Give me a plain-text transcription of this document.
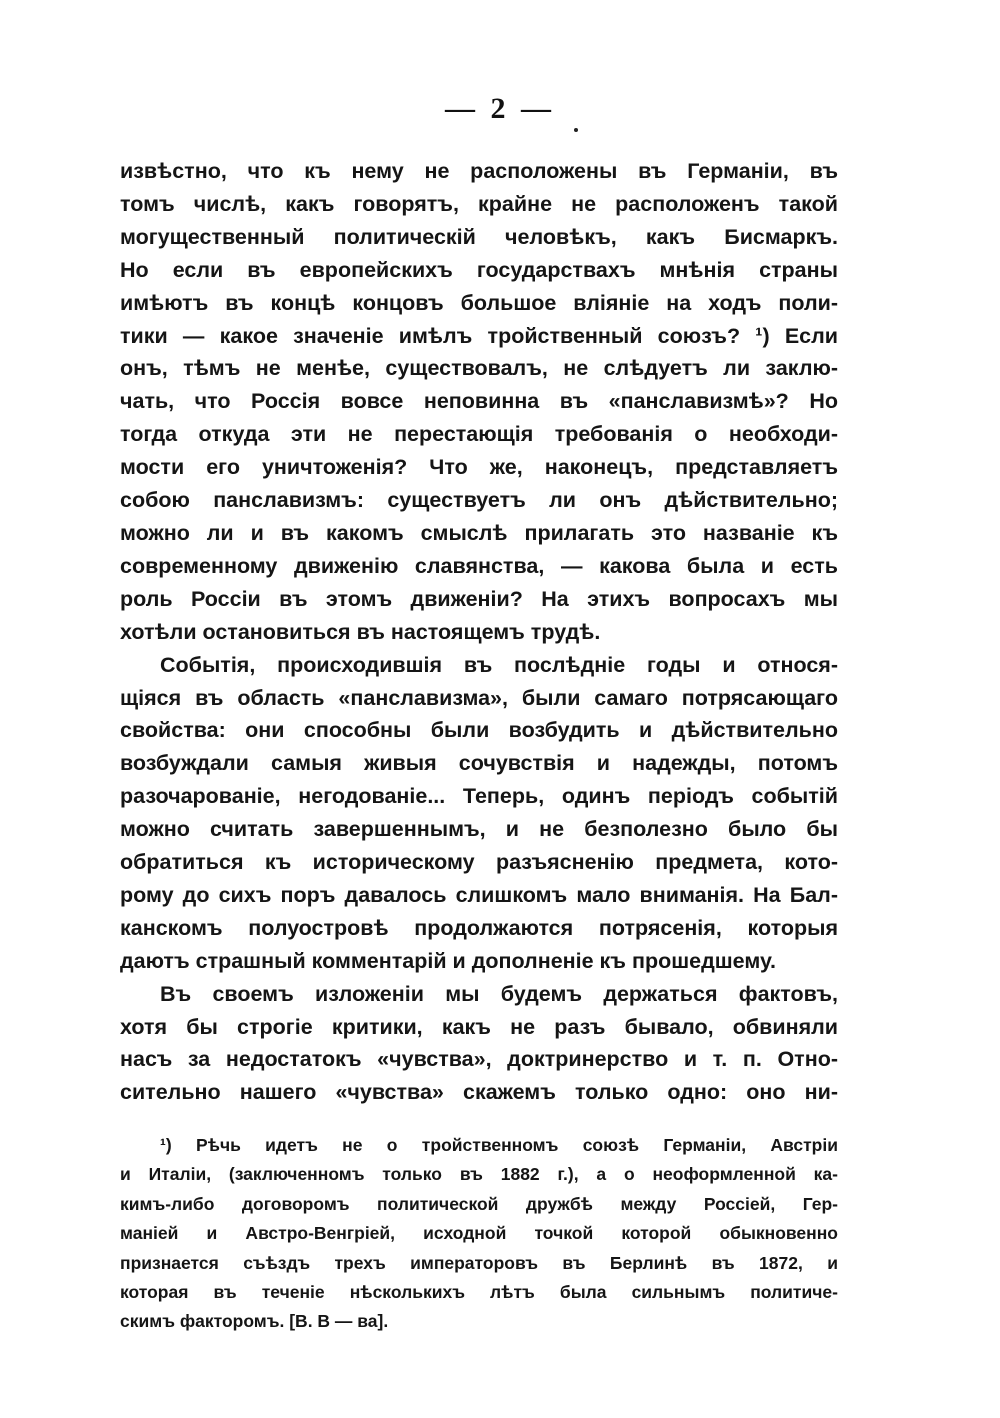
— 2 —
извѣстно, что къ нему не расположены въ Германіи, въ
томъ числѣ, какъ говорятъ, крайне не расположенъ такой
могущественный политическій человѣкъ, какъ Бисмаркъ.
Но если въ европейскихъ государствахъ мнѣнія страны
имѣютъ въ концѣ концовъ большое вліяніе на ходъ поли-
тики — какое значеніе имѣлъ тройственный союзъ? ¹) Если
онъ, тѣмъ не менѣе, существовалъ, не слѣдуетъ ли заклю-
чать, что Россія вовсе неповинна въ «панславизмѣ»? Но
тогда откуда эти не перестающія требованія о необходи-
мости его уничтоженія? Что же, наконецъ, представляетъ
собою панславизмъ: существуетъ ли онъ дѣйствительно;
можно ли и въ какомъ смыслѣ прилагать это названіе къ
современному движенію славянства, — какова была и есть
роль Россіи въ этомъ движеніи? На этихъ вопросахъ мы
хотѣли остановиться въ настоящемъ трудѣ.
Событія, происходившія въ послѣдніе годы и относя-
щіяся въ область «панславизма», были самаго потрясающаго
свойства: они способны были возбудить и дѣйствительно
возбуждали самыя живыя сочувствія и надежды, потомъ
разочарованіе, негодованіе... Теперь, одинъ періодъ событій
можно считать завершеннымъ, и не безполезно было бы
обратиться къ историческому разъясненію предмета, кото-
рому до сихъ поръ давалось слишкомъ мало вниманія. На Бал-
канскомъ полуостровѣ продолжаются потрясенія, которыя
даютъ страшный комментарій и дополненіе къ прошедшему.
Въ своемъ изложеніи мы будемъ держаться фактовъ,
хотя бы строгіе критики, какъ не разъ бывало, обвиняли
насъ за недостатокъ «чувства», доктринерство и т. п. Отно-
сительно нашего «чувства» скажемъ только одно: оно ни-
¹) Рѣчь идетъ не о тройственномъ союзѣ Германіи, Австріи
и Италіи, (заключенномъ только въ 1882 г.), а о неоформленной ка-
кимъ-либо договоромъ политической дружбѣ между Россіей, Гер-
маніей и Австро-Венгріей, исходной точкой которой обыкновенно
признается съѣздъ трехъ императоровъ въ Берлинѣ въ 1872, и
которая въ теченіе нѣсколькихъ лѣтъ была сильнымъ политиче-
скимъ факторомъ. [В. В — ва].
